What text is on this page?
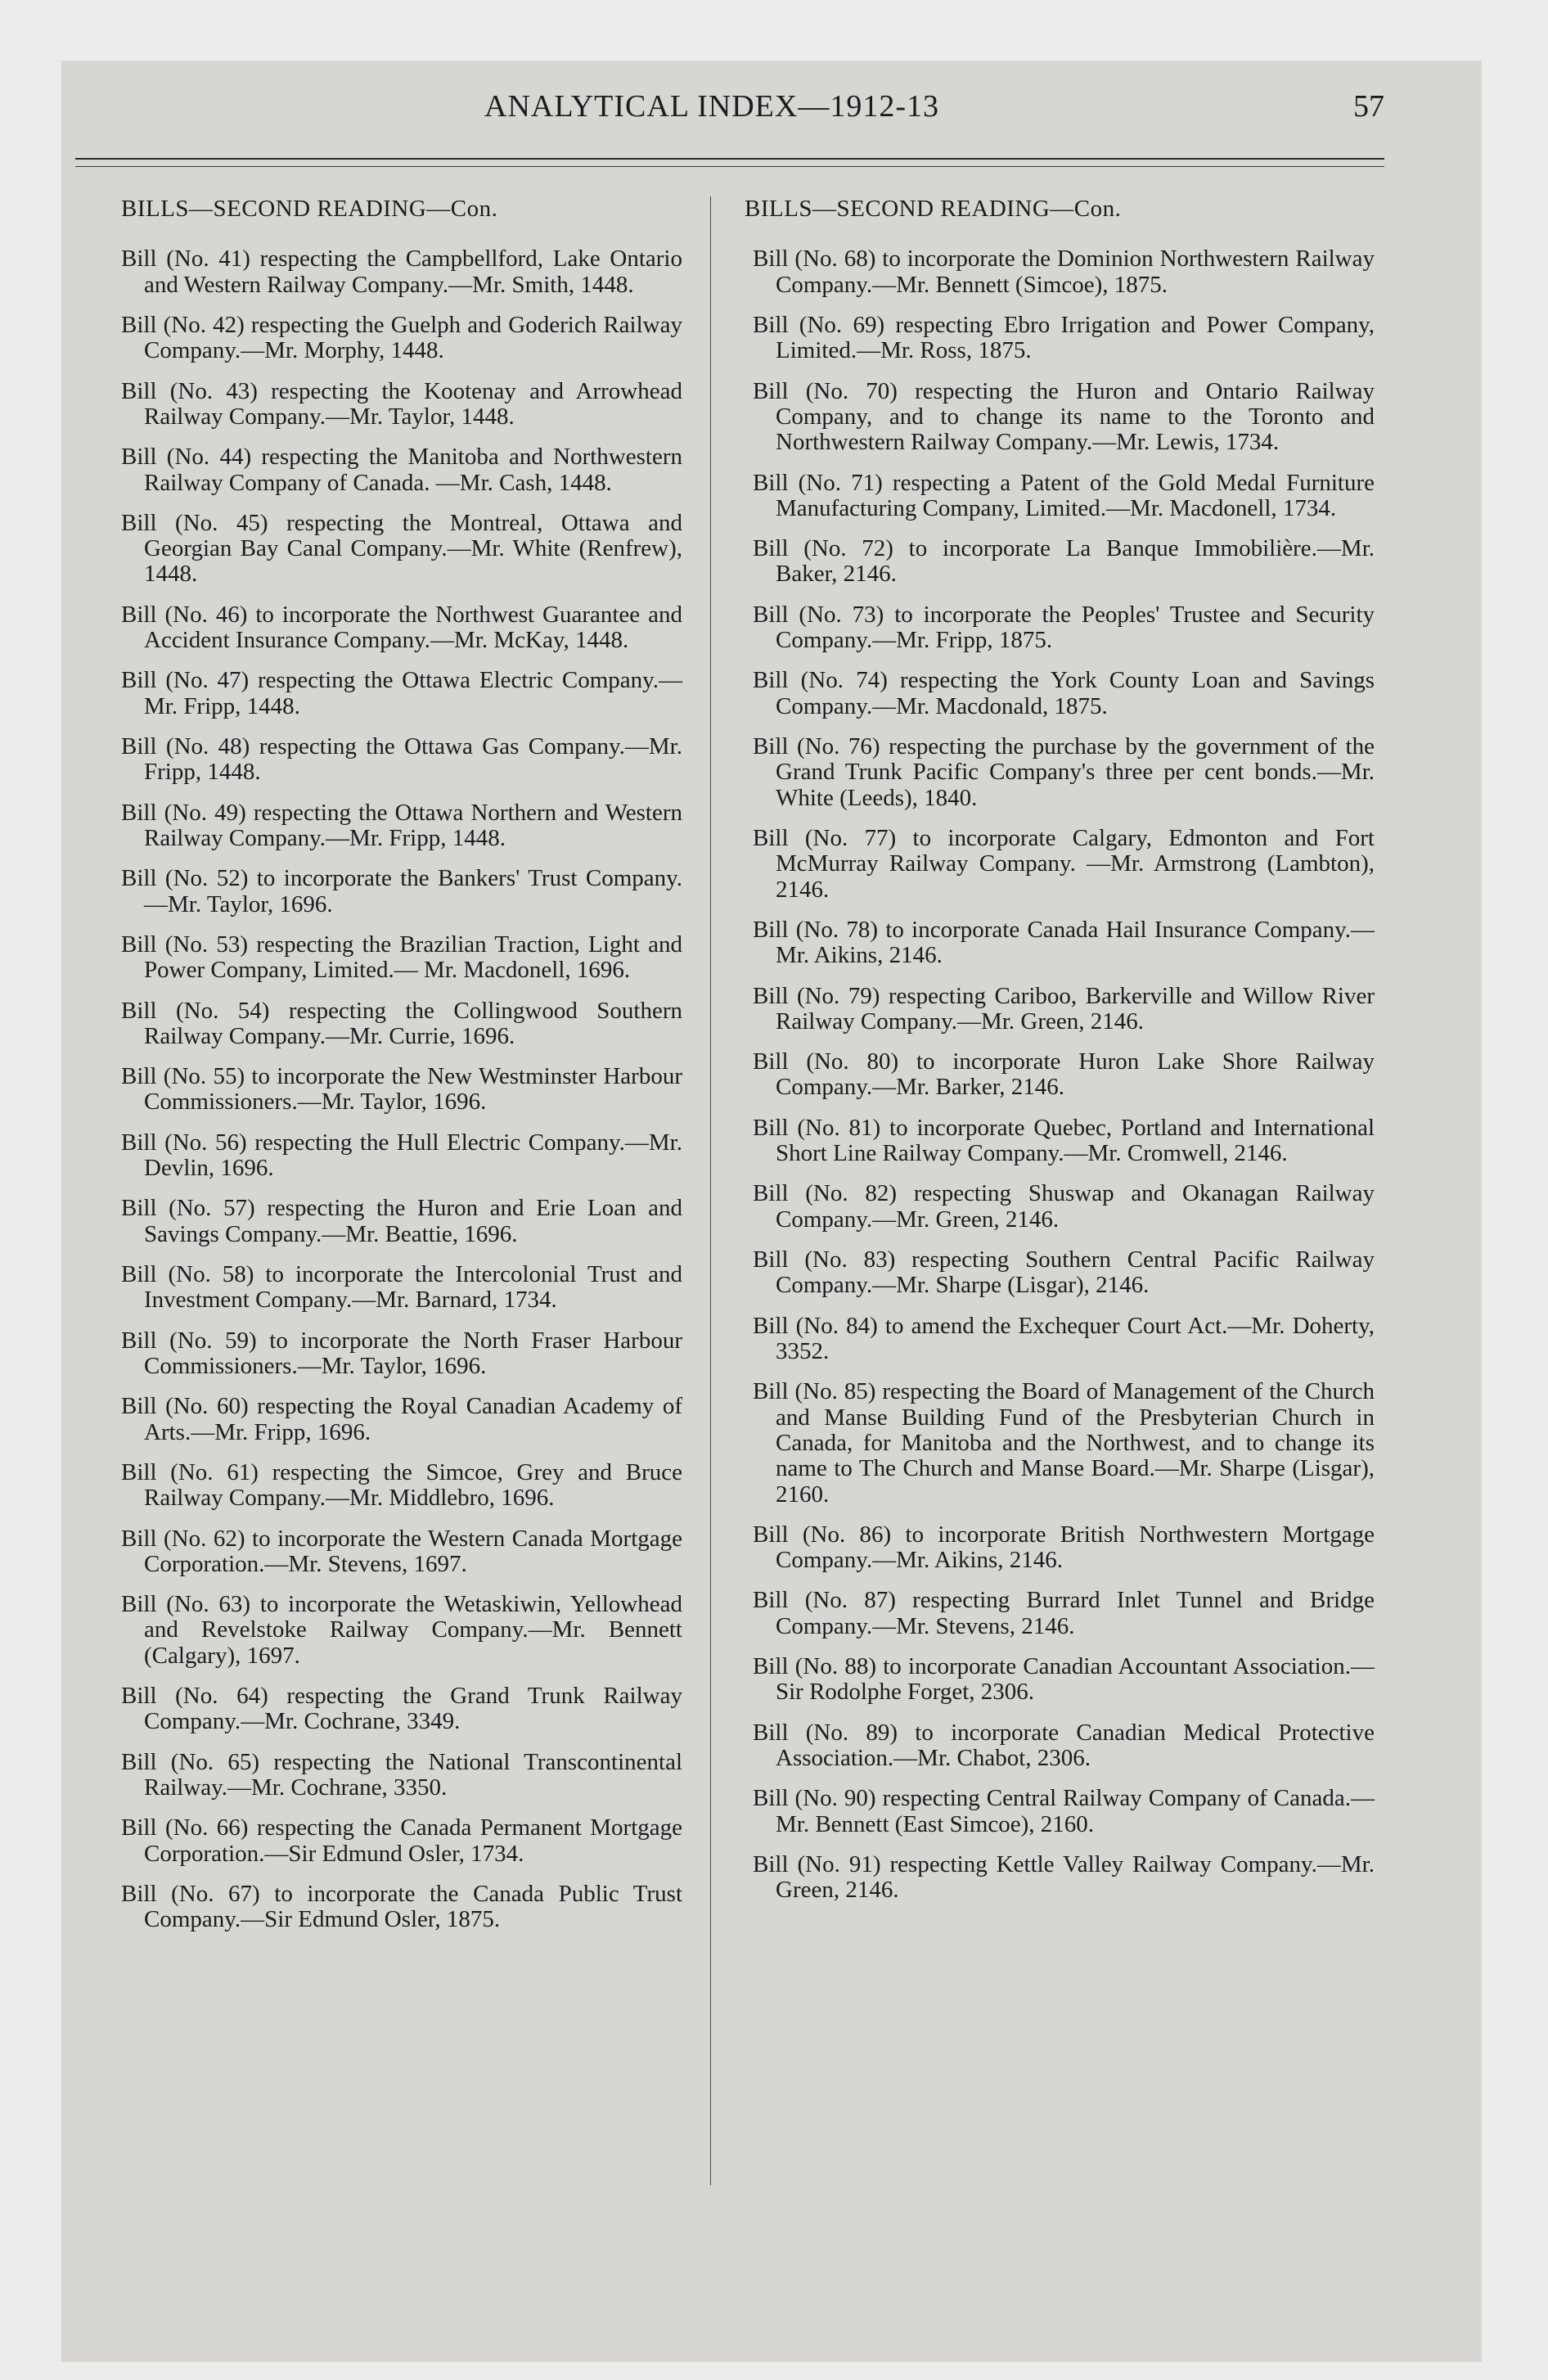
ANALYTICAL INDEX—1912-13	57
BILLS—SECOND READING—Con.
Bill (No. 41) respecting the Campbellford, Lake Ontario and Western Railway Company.—Mr. Smith, 1448.
Bill (No. 42) respecting the Guelph and Goderich Railway Company.—Mr. Morphy, 1448.
Bill (No. 43) respecting the Kootenay and Arrowhead Railway Company.—Mr. Taylor, 1448.
Bill (No. 44) respecting the Manitoba and Northwestern Railway Company of Canada. —Mr. Cash, 1448.
Bill (No. 45) respecting the Montreal, Ottawa and Georgian Bay Canal Company.—Mr. White (Renfrew), 1448.
Bill (No. 46) to incorporate the Northwest Guarantee and Accident Insurance Company.—Mr. McKay, 1448.
Bill (No. 47) respecting the Ottawa Electric Company.—Mr. Fripp, 1448.
Bill (No. 48) respecting the Ottawa Gas Company.—Mr. Fripp, 1448.
Bill (No. 49) respecting the Ottawa Northern and Western Railway Company.—Mr. Fripp, 1448.
Bill (No. 52) to incorporate the Bankers' Trust Company.—Mr. Taylor, 1696.
Bill (No. 53) respecting the Brazilian Traction, Light and Power Company, Limited.— Mr. Macdonell, 1696.
Bill (No. 54) respecting the Collingwood Southern Railway Company.—Mr. Currie, 1696.
Bill (No. 55) to incorporate the New Westminster Harbour Commissioners.—Mr. Taylor, 1696.
Bill (No. 56) respecting the Hull Electric Company.—Mr. Devlin, 1696.
Bill (No. 57) respecting the Huron and Erie Loan and Savings Company.—Mr. Beattie, 1696.
Bill (No. 58) to incorporate the Intercolonial Trust and Investment Company.—Mr. Barnard, 1734.
Bill (No. 59) to incorporate the North Fraser Harbour Commissioners.—Mr. Taylor, 1696.
Bill (No. 60) respecting the Royal Canadian Academy of Arts.—Mr. Fripp, 1696.
Bill (No. 61) respecting the Simcoe, Grey and Bruce Railway Company.—Mr. Middlebro, 1696.
Bill (No. 62) to incorporate the Western Canada Mortgage Corporation.—Mr. Stevens, 1697.
Bill (No. 63) to incorporate the Wetaskiwin, Yellowhead and Revelstoke Railway Company.—Mr. Bennett (Calgary), 1697.
Bill (No. 64) respecting the Grand Trunk Railway Company.—Mr. Cochrane, 3349.
Bill (No. 65) respecting the National Transcontinental Railway.—Mr. Cochrane, 3350.
Bill (No. 66) respecting the Canada Permanent Mortgage Corporation.—Sir Edmund Osler, 1734.
Bill (No. 67) to incorporate the Canada Public Trust Company.—Sir Edmund Osler, 1875.
BILLS—SECOND READING—Con.
Bill (No. 68) to incorporate the Dominion Northwestern Railway Company.—Mr. Bennett (Simcoe), 1875.
Bill (No. 69) respecting Ebro Irrigation and Power Company, Limited.—Mr. Ross, 1875.
Bill (No. 70) respecting the Huron and Ontario Railway Company, and to change its name to the Toronto and Northwestern Railway Company.—Mr. Lewis, 1734.
Bill (No. 71) respecting a Patent of the Gold Medal Furniture Manufacturing Company, Limited.—Mr. Macdonell, 1734.
Bill (No. 72) to incorporate La Banque Immobilière.—Mr. Baker, 2146.
Bill (No. 73) to incorporate the Peoples' Trustee and Security Company.—Mr. Fripp, 1875.
Bill (No. 74) respecting the York County Loan and Savings Company.—Mr. Macdonald, 1875.
Bill (No. 76) respecting the purchase by the government of the Grand Trunk Pacific Company's three per cent bonds.—Mr. White (Leeds), 1840.
Bill (No. 77) to incorporate Calgary, Edmonton and Fort McMurray Railway Company. —Mr. Armstrong (Lambton), 2146.
Bill (No. 78) to incorporate Canada Hail Insurance Company.—Mr. Aikins, 2146.
Bill (No. 79) respecting Cariboo, Barkerville and Willow River Railway Company.—Mr. Green, 2146.
Bill (No. 80) to incorporate Huron Lake Shore Railway Company.—Mr. Barker, 2146.
Bill (No. 81) to incorporate Quebec, Portland and International Short Line Railway Company.—Mr. Cromwell, 2146.
Bill (No. 82) respecting Shuswap and Okanagan Railway Company.—Mr. Green, 2146.
Bill (No. 83) respecting Southern Central Pacific Railway Company.—Mr. Sharpe (Lisgar), 2146.
Bill (No. 84) to amend the Exchequer Court Act.—Mr. Doherty, 3352.
Bill (No. 85) respecting the Board of Management of the Church and Manse Building Fund of the Presbyterian Church in Canada, for Manitoba and the Northwest, and to change its name to The Church and Manse Board.—Mr. Sharpe (Lisgar), 2160.
Bill (No. 86) to incorporate British Northwestern Mortgage Company.—Mr. Aikins, 2146.
Bill (No. 87) respecting Burrard Inlet Tunnel and Bridge Company.—Mr. Stevens, 2146.
Bill (No. 88) to incorporate Canadian Accountant Association.—Sir Rodolphe Forget, 2306.
Bill (No. 89) to incorporate Canadian Medical Protective Association.—Mr. Chabot, 2306.
Bill (No. 90) respecting Central Railway Company of Canada.—Mr. Bennett (East Simcoe), 2160.
Bill (No. 91) respecting Kettle Valley Railway Company.—Mr. Green, 2146.
